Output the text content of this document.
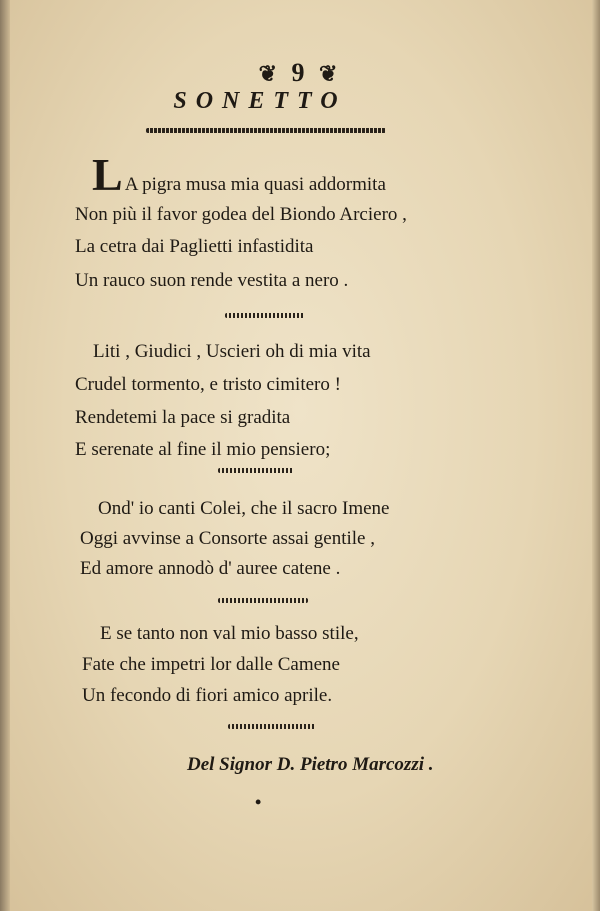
❦ 9 ❦
SONETTO
L A pigra musa mia quasi addormita
Non più il favor godea del Biondo Arciero ,
La cetra dai Paglietti infastidita
Un rauco suon rende vestita a nero .
Liti , Giudici , Uscieri oh di mia vita
Crudel tormento, e tristo cimitero !
Rendetemi la pace si gradita
E serenate al fine il mio pensiero;
Ond' io canti Colei, che il sacro Imene
Oggi avvinse a Consorte assai gentile ,
Ed amore annodò d' auree catene .
E se tanto non val mio basso stile,
Fate che impetri lor dalle Camene
Un fecondo di fiori amico aprile.
Del Signor D. Pietro Marcozzi .
•
